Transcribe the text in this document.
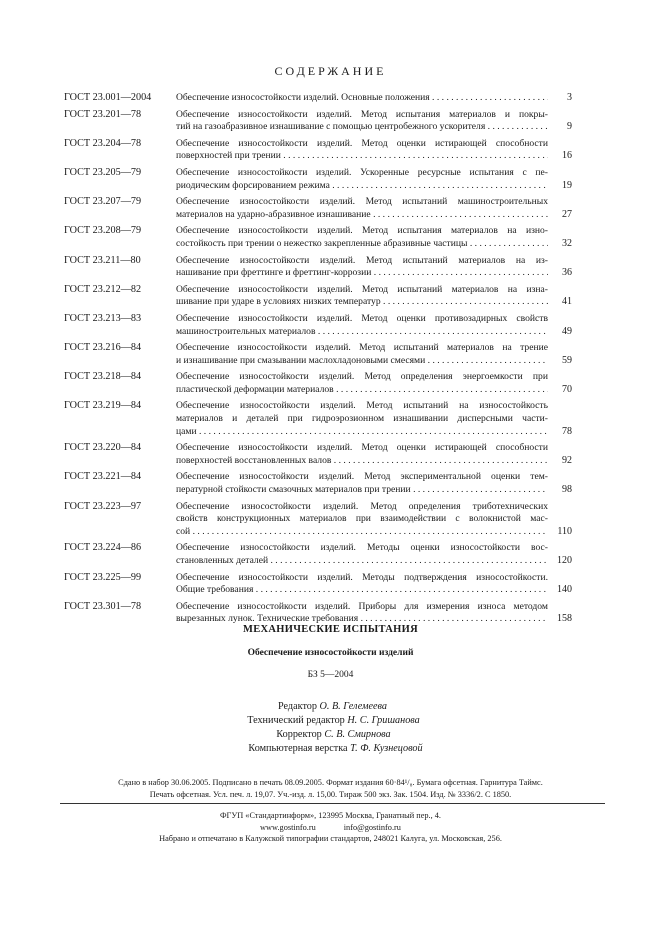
СОДЕРЖАНИЕ
ГОСТ 23.001—2004	Обеспечение износостойкости изделий. Основные положения . . .	3
ГОСТ 23.201—78	Обеспечение износостойкости изделий. Метод испытания материалов и покры-
тий на газоабразивное изнашивание с помощью центробежного ускорителя . . .	9
ГОСТ 23.204—78	Обеспечение износостойкости изделий. Метод оценки истирающей способности
поверхностей при трении . . .	16
ГОСТ 23.205—79	Обеспечение износостойкости изделий. Ускоренные ресурсные испытания с пе-
риодическим форсированием режима . . .	19
ГОСТ 23.207—79	Обеспечение износостойкости изделий. Метод испытаний машиностроительных
материалов на ударно-абразивное изнашивание . . .	27
ГОСТ 23.208—79	Обеспечение износостойкости изделий. Метод испытания материалов на изно-
состойкость при трении о нежестко закрепленные абразивные частицы . . .	32
ГОСТ 23.211—80	Обеспечение износостойкости изделий. Метод испытаний материалов на из-
нашивание при фреттинге и фреттинг-коррозии . . .	36
ГОСТ 23.212—82	Обеспечение износостойкости изделий. Метод испытаний материалов на изна-
шивание при ударе в условиях низких температур . . .	41
ГОСТ 23.213—83	Обеспечение износостойкости изделий. Метод оценки противозадирных свойств
машиностроительных материалов . . .	49
ГОСТ 23.216—84	Обеспечение износостойкости изделий. Метод испытаний материалов на трение
и изнашивание при смазывании маслохладоновыми смесями . . .	59
ГОСТ 23.218—84	Обеспечение износостойкости изделий. Метод определения энергоемкости при
пластической деформации материалов . . .	70
ГОСТ 23.219—84	Обеспечение износостойкости изделий. Метод испытаний на износостойкость
материалов и деталей при гидроэрозионном изнашивании дисперсными части-
цами . . .	78
ГОСТ 23.220—84	Обеспечение износостойкости изделий. Метод оценки истирающей способности
поверхностей восстановленных валов . . .	92
ГОСТ 23.221—84	Обеспечение износостойкости изделий. Метод экспериментальной оценки тем-
пературной стойкости смазочных материалов при трении . . .	98
ГОСТ 23.223—97	Обеспечение износостойкости изделий. Метод определения триботехнических
свойств конструкционных материалов при взаимодействии с волокнистой мас-
сой . . .	110
ГОСТ 23.224—86	Обеспечение износостойкости изделий. Методы оценки износостойкости вос-
становленных деталей . . .	120
ГОСТ 23.225—99	Обеспечение износостойкости изделий. Методы подтверждения износостойкости.
Общие требования . . .	140
ГОСТ 23.301—78	Обеспечение износостойкости изделий. Приборы для измерения износа методом
вырезанных лунок. Технические требования . . .	158
МЕХАНИЧЕСКИЕ ИСПЫТАНИЯ
Обеспечение износостойкости изделий
БЗ 5—2004
Редактор О. В. Гелемеева
Технический редактор Н. С. Гришанова
Корректор С. В. Смирнова
Компьютерная верстка Т. Ф. Кузнецовой
Сдано в набор 30.06.2005. Подписано в печать 08.09.2005. Формат издания 60·84¹/₈. Бумага офсетная. Гарнитура Таймс.
Печать офсетная. Усл. печ. л. 19,07. Уч.-изд. л. 15,00. Тираж 500 экз. Зак. 1504. Изд. № 3336/2. С 1850.
ФГУП «Стандартинформ», 123995 Москва, Гранатный пер., 4.
www.gostinfo.ru	info@gostinfo.ru
Набрано и отпечатано в Калужской типографии стандартов, 248021 Калуга, ул. Московская, 256.
